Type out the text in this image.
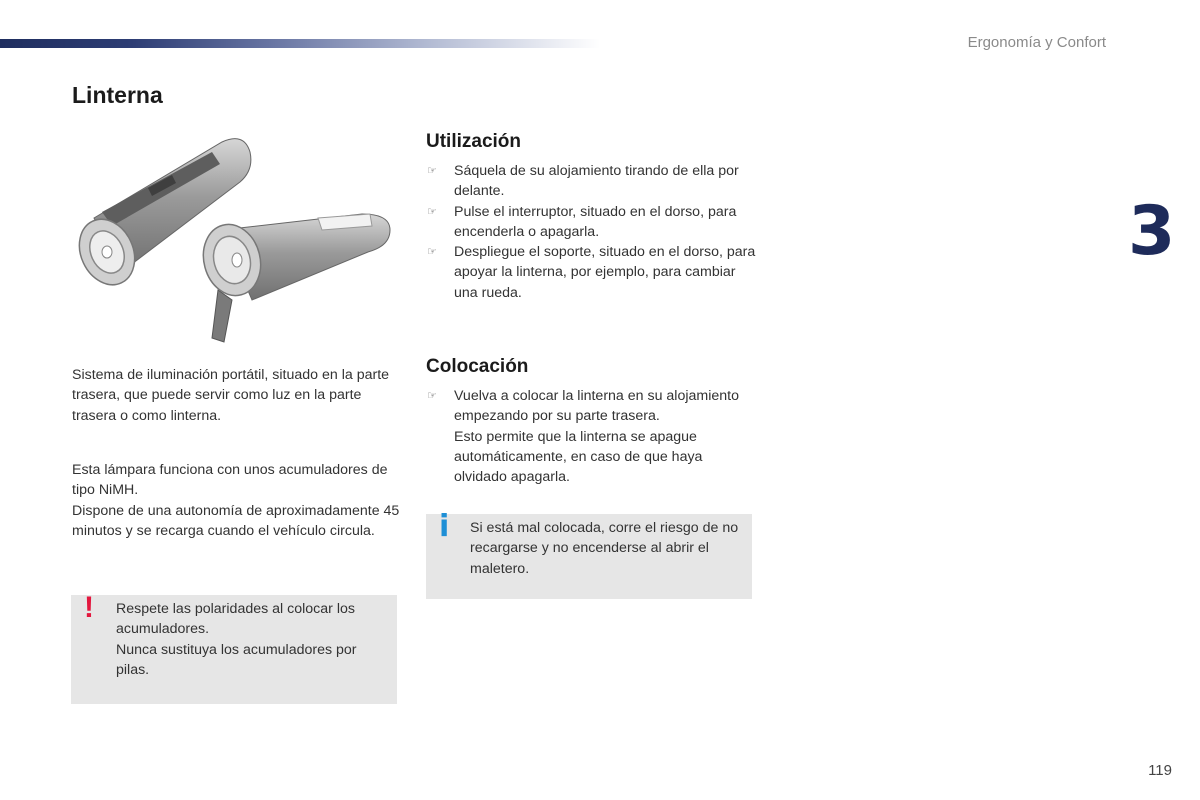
Ergonomía y Confort
Linterna

Sistema de iluminación portátil, situado en la parte trasera, que puede servir como luz en la parte trasera o como linterna.

Esta lámpara funciona con unos acumuladores de tipo NiMH.
Dispone de una autonomía de aproximadamente 45 minutos y se recarga cuando el vehículo circula.

! Respete las polaridades al colocar los acumuladores.

Nunca sustituya los acumuladores por pilas.

Utilización
☞ Sáquela de su alojamiento tirando de ella por delante.
☞ Pulse el interruptor, situado en el dorso, para encenderla o apagarla.
☞ Despliegue el soporte, situado en el dorso, para apoyar la linterna, por ejemplo, para cambiar una rueda.
Colocación
☞ Vuelva a colocar la linterna en su alojamiento empezando por su parte trasera.
Esto permite que la linterna se apague automáticamente, en caso de que haya olvidado apagarla.
i Si está mal colocada, corre el riesgo de no recargarse y no encenderse al abrir el maletero.

3
119
